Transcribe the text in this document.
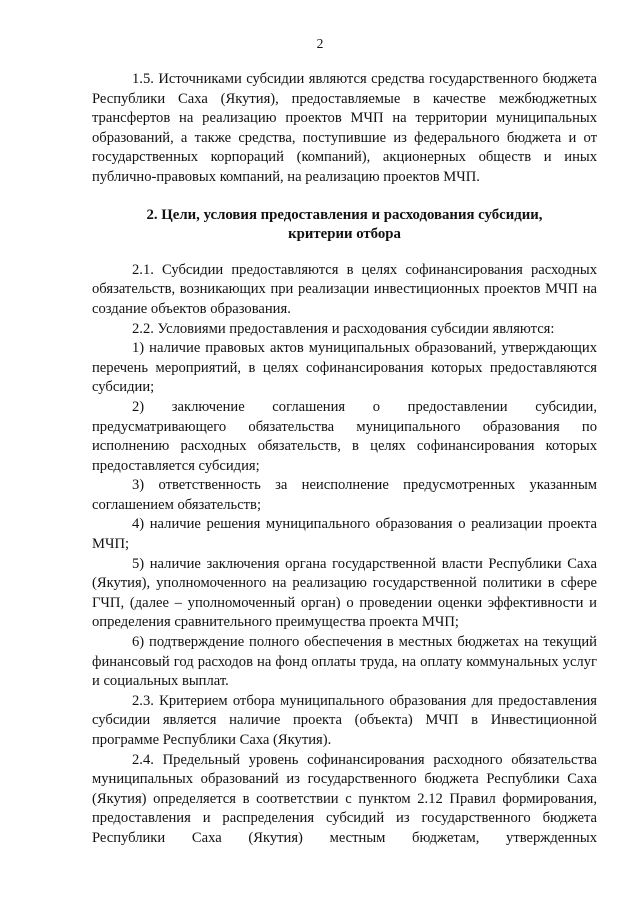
2

1.5. Источниками субсидии являются средства государственного бюджета Республики Саха (Якутия), предоставляемые в качестве межбюджетных трансфертов на реализацию проектов МЧП на территории муниципальных образований, а также средства, поступившие из федерального бюджета и от государственных корпораций (компаний), акционерных обществ и иных публично-правовых компаний, на реализацию проектов МЧП.

2. Цели, условия предоставления и расходования субсидии,
критерии отбора

2.1. Субсидии предоставляются в целях софинансирования расходных обязательств, возникающих при реализации инвестиционных проектов МЧП на создание объектов образования.

2.2. Условиями предоставления и расходования субсидии являются:

1) наличие правовых актов муниципальных образований, утверждающих перечень мероприятий, в целях софинансирования которых предоставляются субсидии;

2) заключение соглашения о предоставлении субсидии, предусматривающего обязательства муниципального образования по исполнению расходных обязательств, в целях софинансирования которых предоставляется субсидия;

3) ответственность за неисполнение предусмотренных указанным соглашением обязательств;

4) наличие решения муниципального образования о реализации проекта МЧП;

5) наличие заключения органа государственной власти Республики Саха (Якутия), уполномоченного на реализацию государственной политики в сфере ГЧП, (далее – уполномоченный орган) о проведении оценки эффективности и определения сравнительного преимущества проекта МЧП;

6) подтверждение полного обеспечения в местных бюджетах на текущий финансовый год расходов на фонд оплаты труда, на оплату коммунальных услуг и социальных выплат.

2.3. Критерием отбора муниципального образования для предоставления субсидии является наличие проекта (объекта) МЧП в Инвестиционной программе Республики Саха (Якутия).

2.4. Предельный уровень софинансирования расходного обязательства муниципальных образований из государственного бюджета Республики Саха (Якутия) определяется в соответствии с пунктом 2.12 Правил формирования, предоставления и распределения субсидий из государственного бюджета Республики Саха (Якутия) местным бюджетам, утвержденных
